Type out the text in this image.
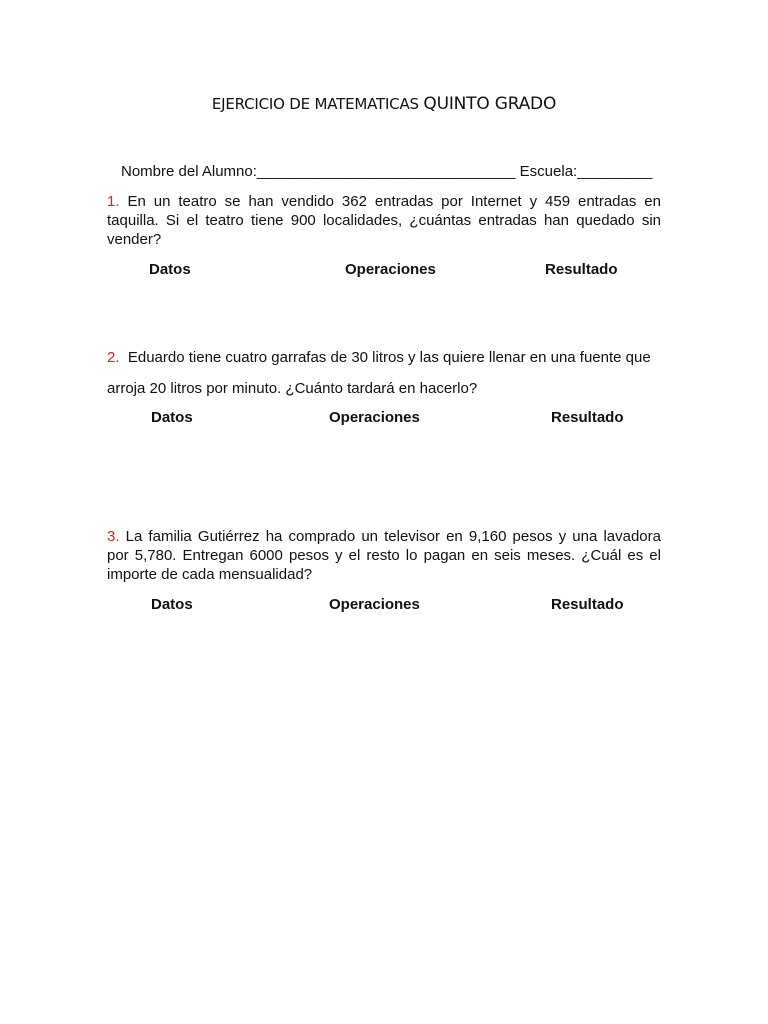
EJERCICIO DE MATEMATICAS QUINTO GRADO
Nombre del Alumno:_______________________________ Escuela:_________
1. En un teatro se han vendido 362 entradas por Internet y 459 entradas en taquilla. Si el teatro tiene 900 localidades, ¿cuántas entradas han quedado sin vender?
Datos	Operaciones	Resultado
2.  Eduardo tiene cuatro garrafas de 30 litros y las quiere llenar en una fuente que
arroja 20 litros por minuto. ¿Cuánto tardará en hacerlo?
Datos	Operaciones	Resultado
3. La familia Gutiérrez ha comprado un televisor en 9,160 pesos y una lavadora por 5,780. Entregan 6000 pesos y el resto lo pagan en seis meses. ¿Cuál es el importe de cada mensualidad?
Datos	Operaciones	Resultado
